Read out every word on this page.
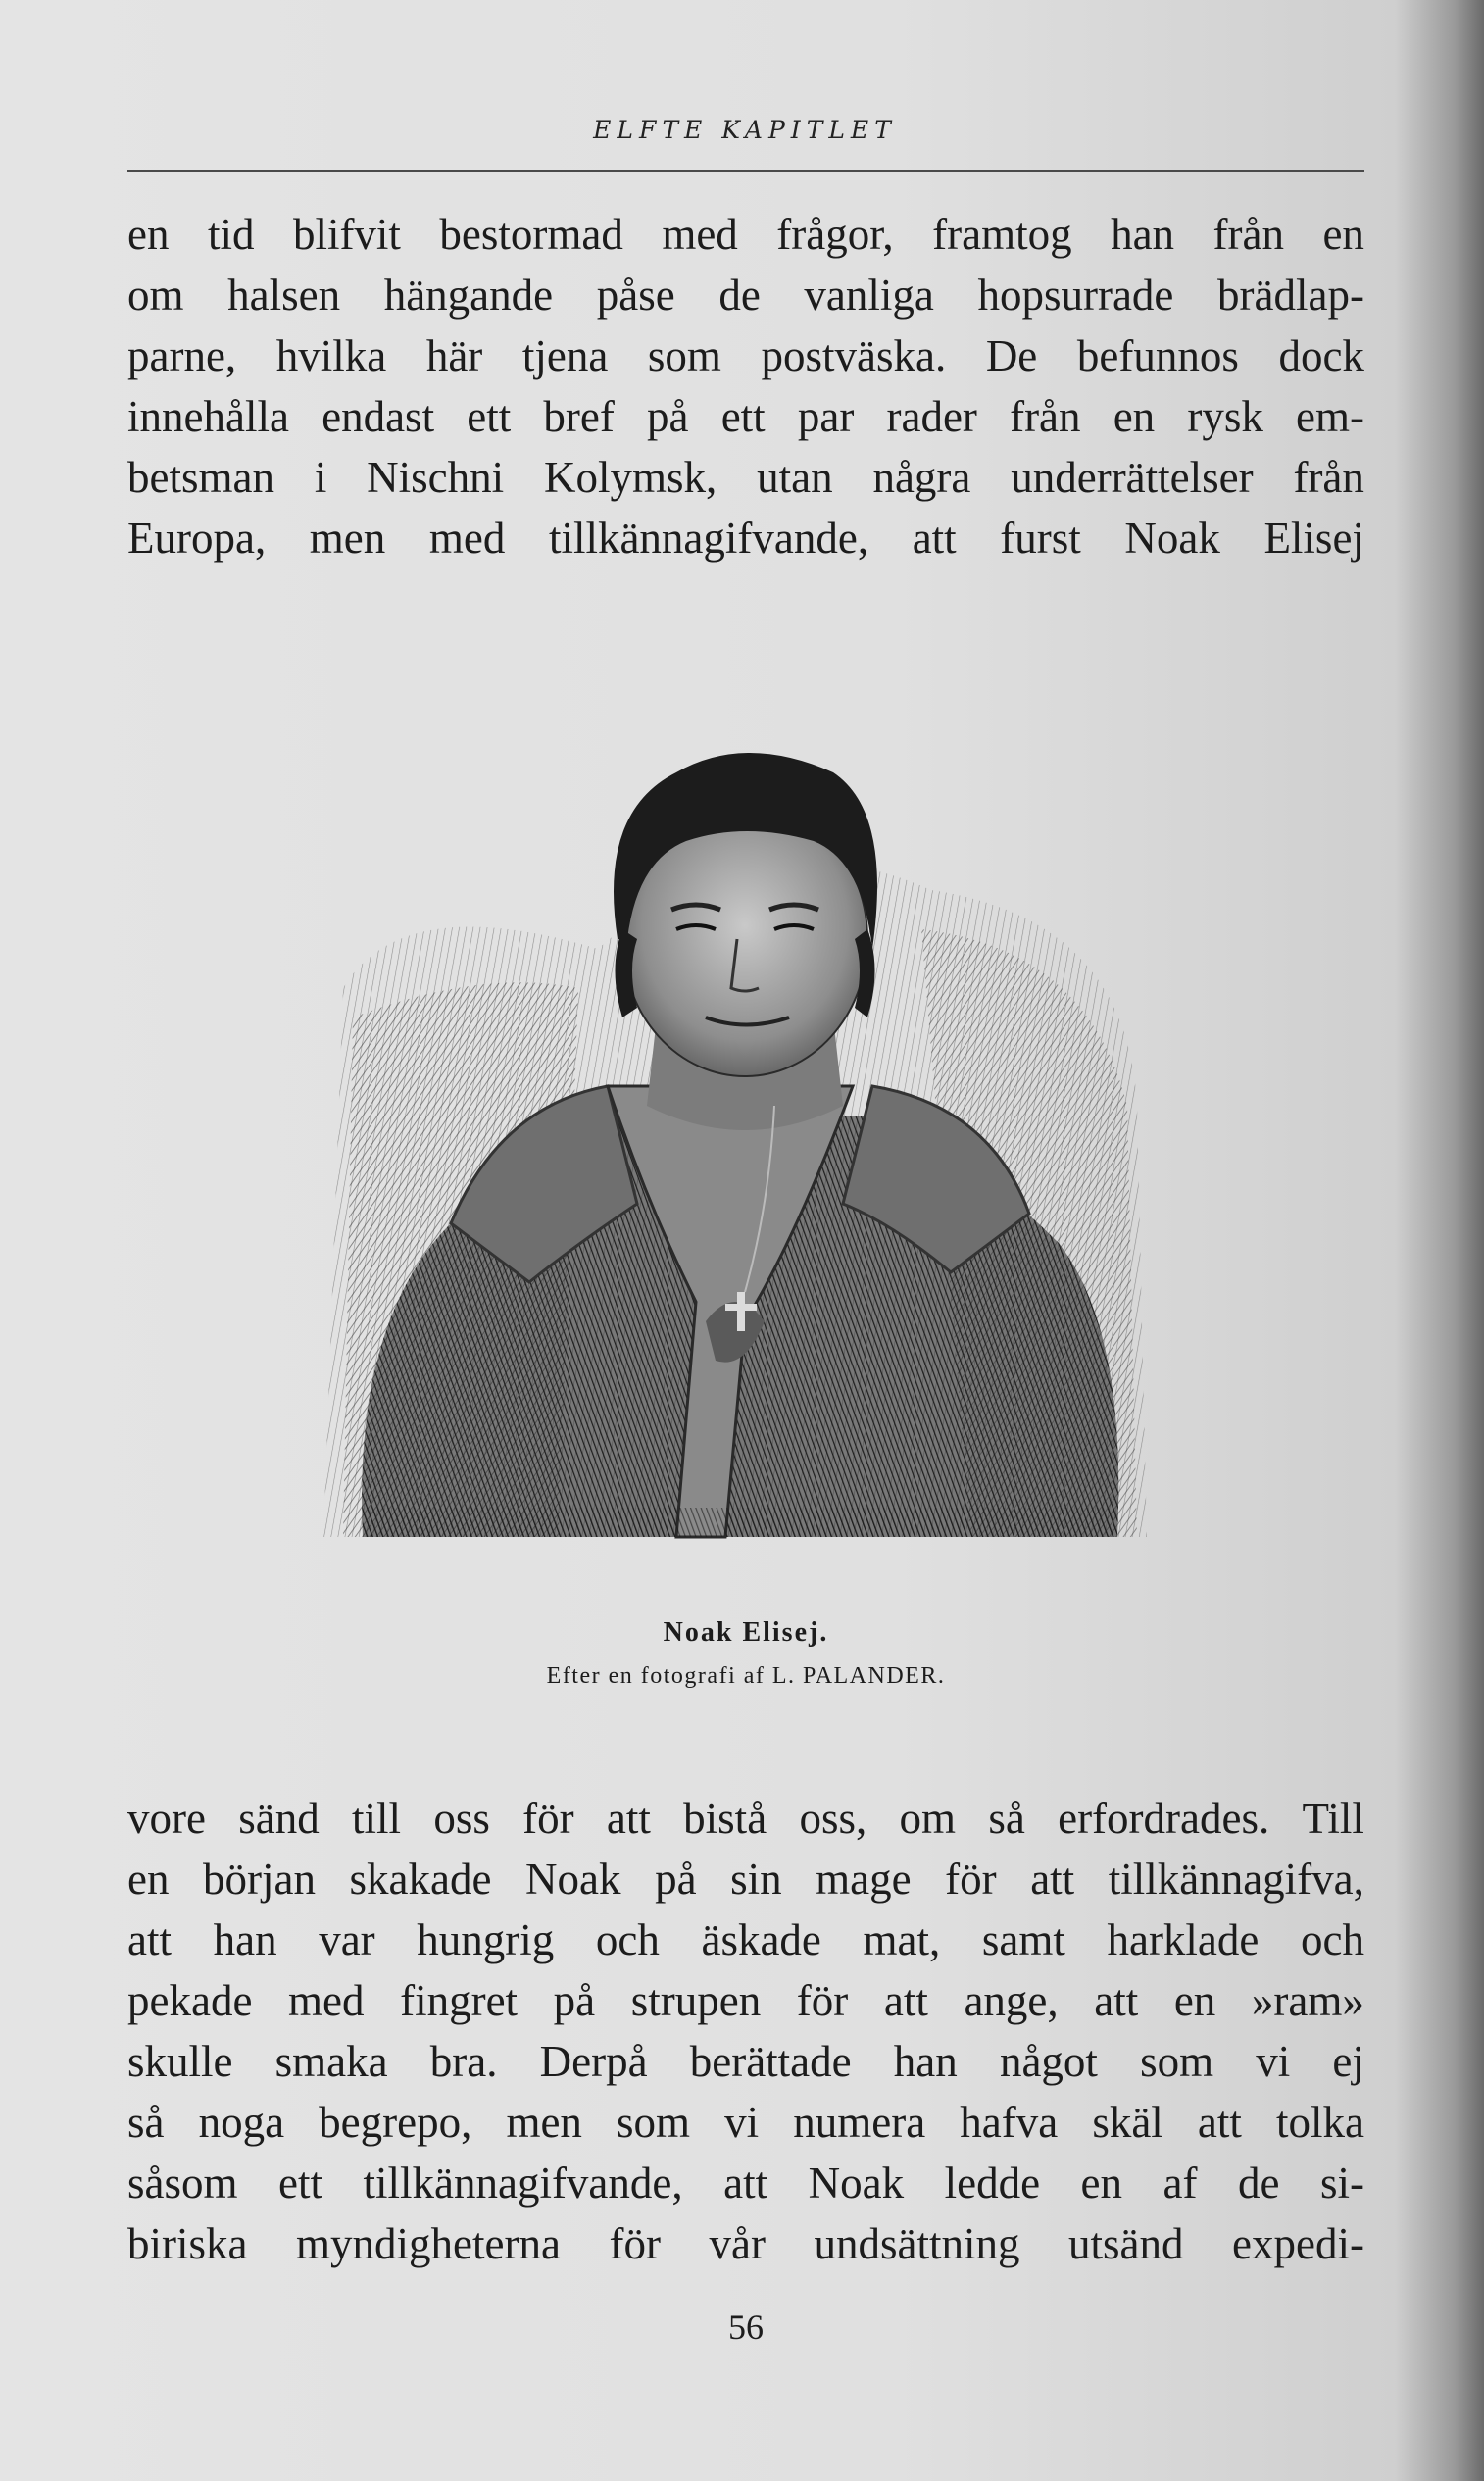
ELFTE KAPITLET
en tid blifvit bestormad med frågor, framtog han från en
om halsen hängande påse de vanliga hopsurrade brädlap-
parne, hvilka här tjena som postväska. De befunnos dock
innehålla endast ett bref på ett par rader från en rysk em-
betsman i Nischni Kolymsk, utan några underrättelser från
Europa, men med tillkännagifvande, att furst Noak Elisej
Noak Elisej.
Efter en fotografi af L. PALANDER.
vore sänd till oss för att bistå oss, om så erfordrades. Till
en början skakade Noak på sin mage för att tillkännagifva,
att han var hungrig och äskade mat, samt harklade och
pekade med fingret på strupen för att ange, att en »ram»
skulle smaka bra. Derpå berättade han något som vi ej
så noga begrepo, men som vi numera hafva skäl att tolka
såsom ett tillkännagifvande, att Noak ledde en af de si-
biriska myndigheterna för vår undsättning utsänd expedi-
56
